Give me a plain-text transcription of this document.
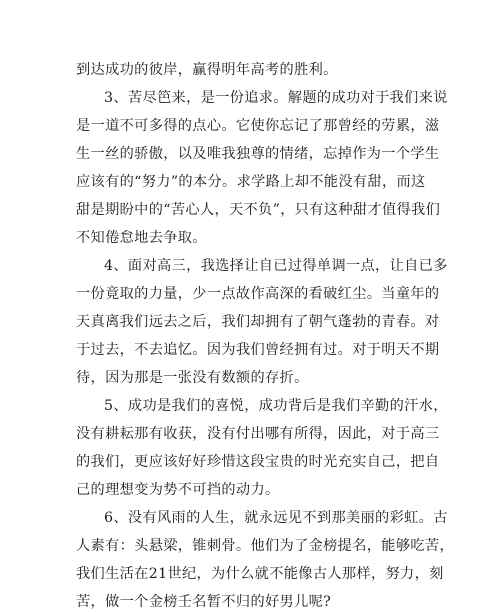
到达成功的彼岸，赢得明年高考的胜利。
3、苦尽笆来，是一份追求。解题的成功对于我们来说
是一道不可多得的点心。它使你忘记了那曾经的劳累，滋
生一丝的骄傲，以及唯我独尊的情绪，忘掉作为一个学生
应该有的“努力”的本分。求学路上却不能没有甜，而这
甜是期盼中的“苦心人，天不负”，只有这种甜才值得我们
不知倦怠地去争取。
4、面对高三，我选择让自已过得单调一点，让自已多
一份竟取的力量，少一点故作高深的看破红尘。当童年的
天真离我们远去之后，我们却拥有了朝气蓬勃的青春。对
于过去，不去追忆。因为我们曾经拥有过。对于明天不期
待，因为那是一张没有数额的存折。
5、成功是我们的喜悦，成功背后是我们辛勤的汗水，
没有耕耘那有收获，没有付出哪有所得，因此，对于高三
的我们，更应该好好珍惜这段宝贵的时光充实自己，把自
己的理想变为势不可挡的动力。
6、没有风雨的人生，就永远见不到那美丽的彩虹。古
人素有：头悬梁，锥刺骨。他们为了金榜提名，能够吃苦，
我们生活在21世纪，为什么就不能像古人那样，努力，刻
苦，做一个金榜壬名暂不归的好男儿呢?
